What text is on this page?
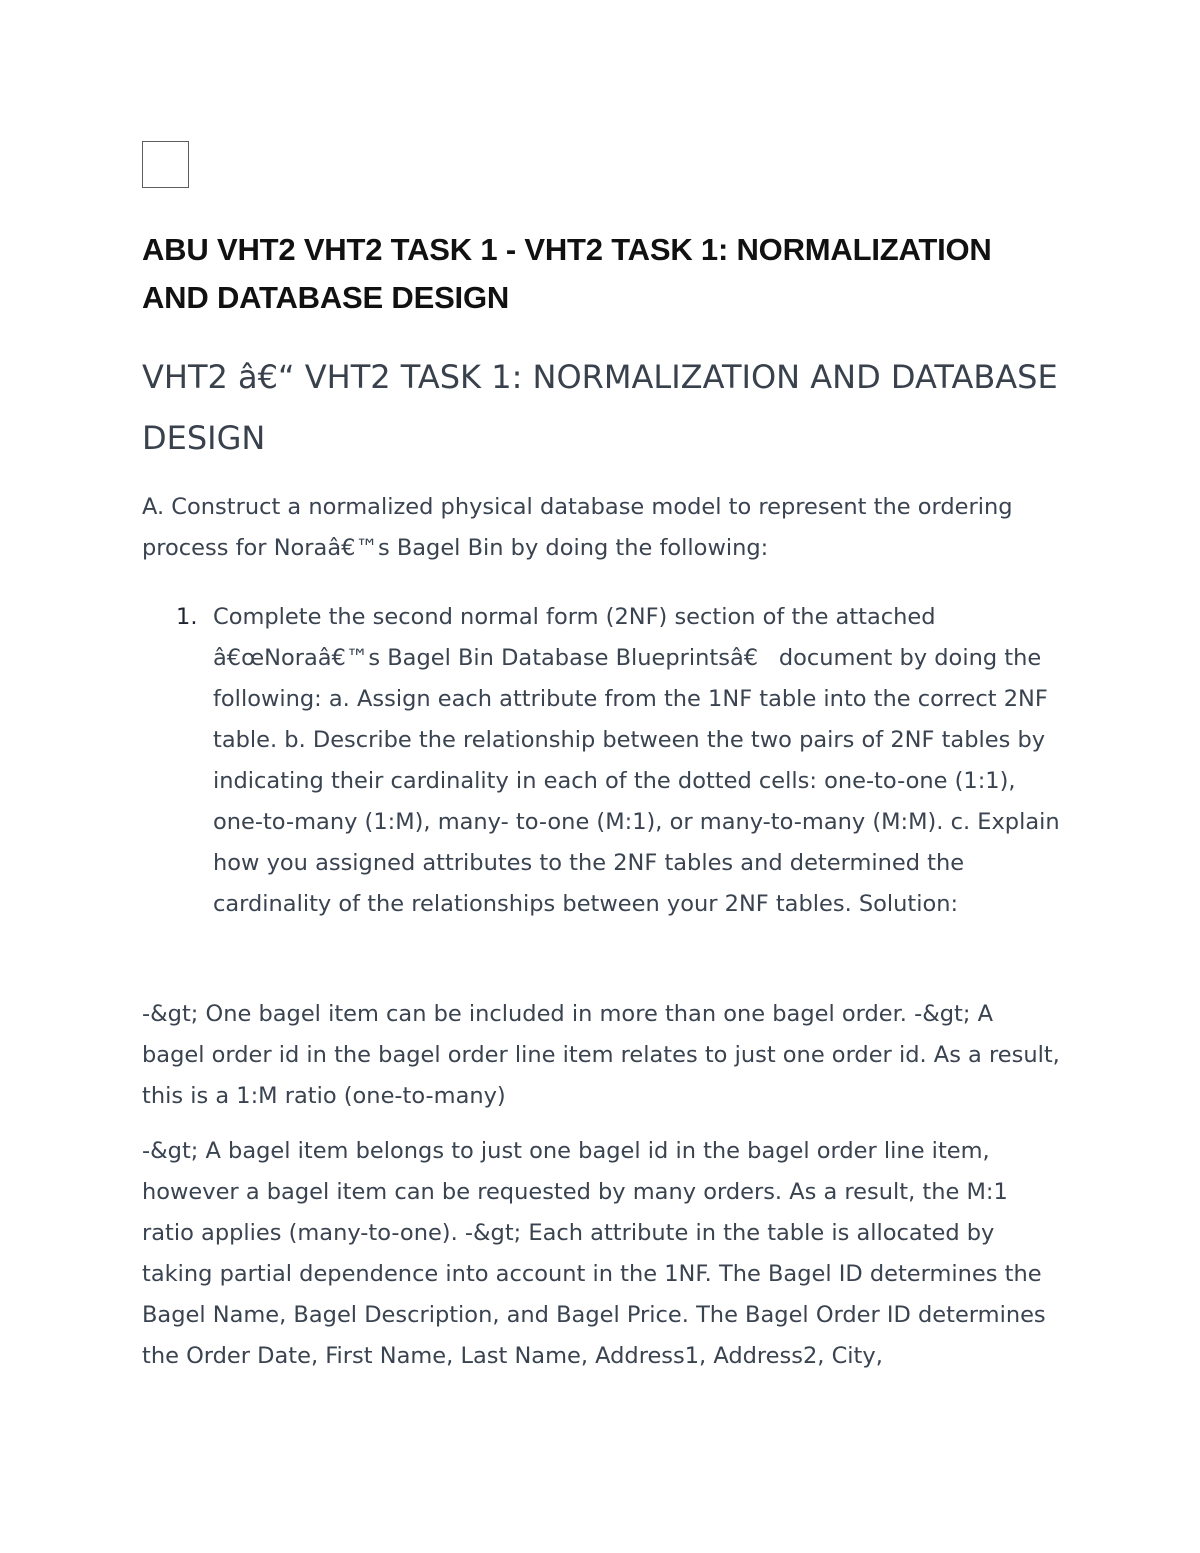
ABU VHT2 VHT2 TASK 1 - VHT2 TASK 1: NORMALIZATION AND DATABASE DESIGN
VHT2 â€“ VHT2 TASK 1: NORMALIZATION AND DATABASE DESIGN

A. Construct a normalized physical database model to represent the ordering process for Noraâ€™s Bagel Bin by doing the following:

1. Complete the second normal form (2NF) section of the attached â€œNoraâ€™s Bagel Bin Database Blueprintsâ€ document by doing the following: a. Assign each attribute from the 1NF table into the correct 2NF table. b. Describe the relationship between the two pairs of 2NF tables by indicating their cardinality in each of the dotted cells: one-to-one (1:1), one-to-many (1:M), many- to-one (M:1), or many-to-many (M:M). c. Explain how you assigned attributes to the 2NF tables and determined the cardinality of the relationships between your 2NF tables. Solution:

-&gt; One bagel item can be included in more than one bagel order. -&gt; A bagel order id in the bagel order line item relates to just one order id. As a result, this is a 1:M ratio (one-to-many)

-&gt; A bagel item belongs to just one bagel id in the bagel order line item, however a bagel item can be requested by many orders. As a result, the M:1 ratio applies (many-to-one). -&gt; Each attribute in the table is allocated by taking partial dependence into account in the 1NF. The Bagel ID determines the Bagel Name, Bagel Description, and Bagel Price. The Bagel Order ID determines the Order Date, First Name, Last Name, Address1, Address2, City,
